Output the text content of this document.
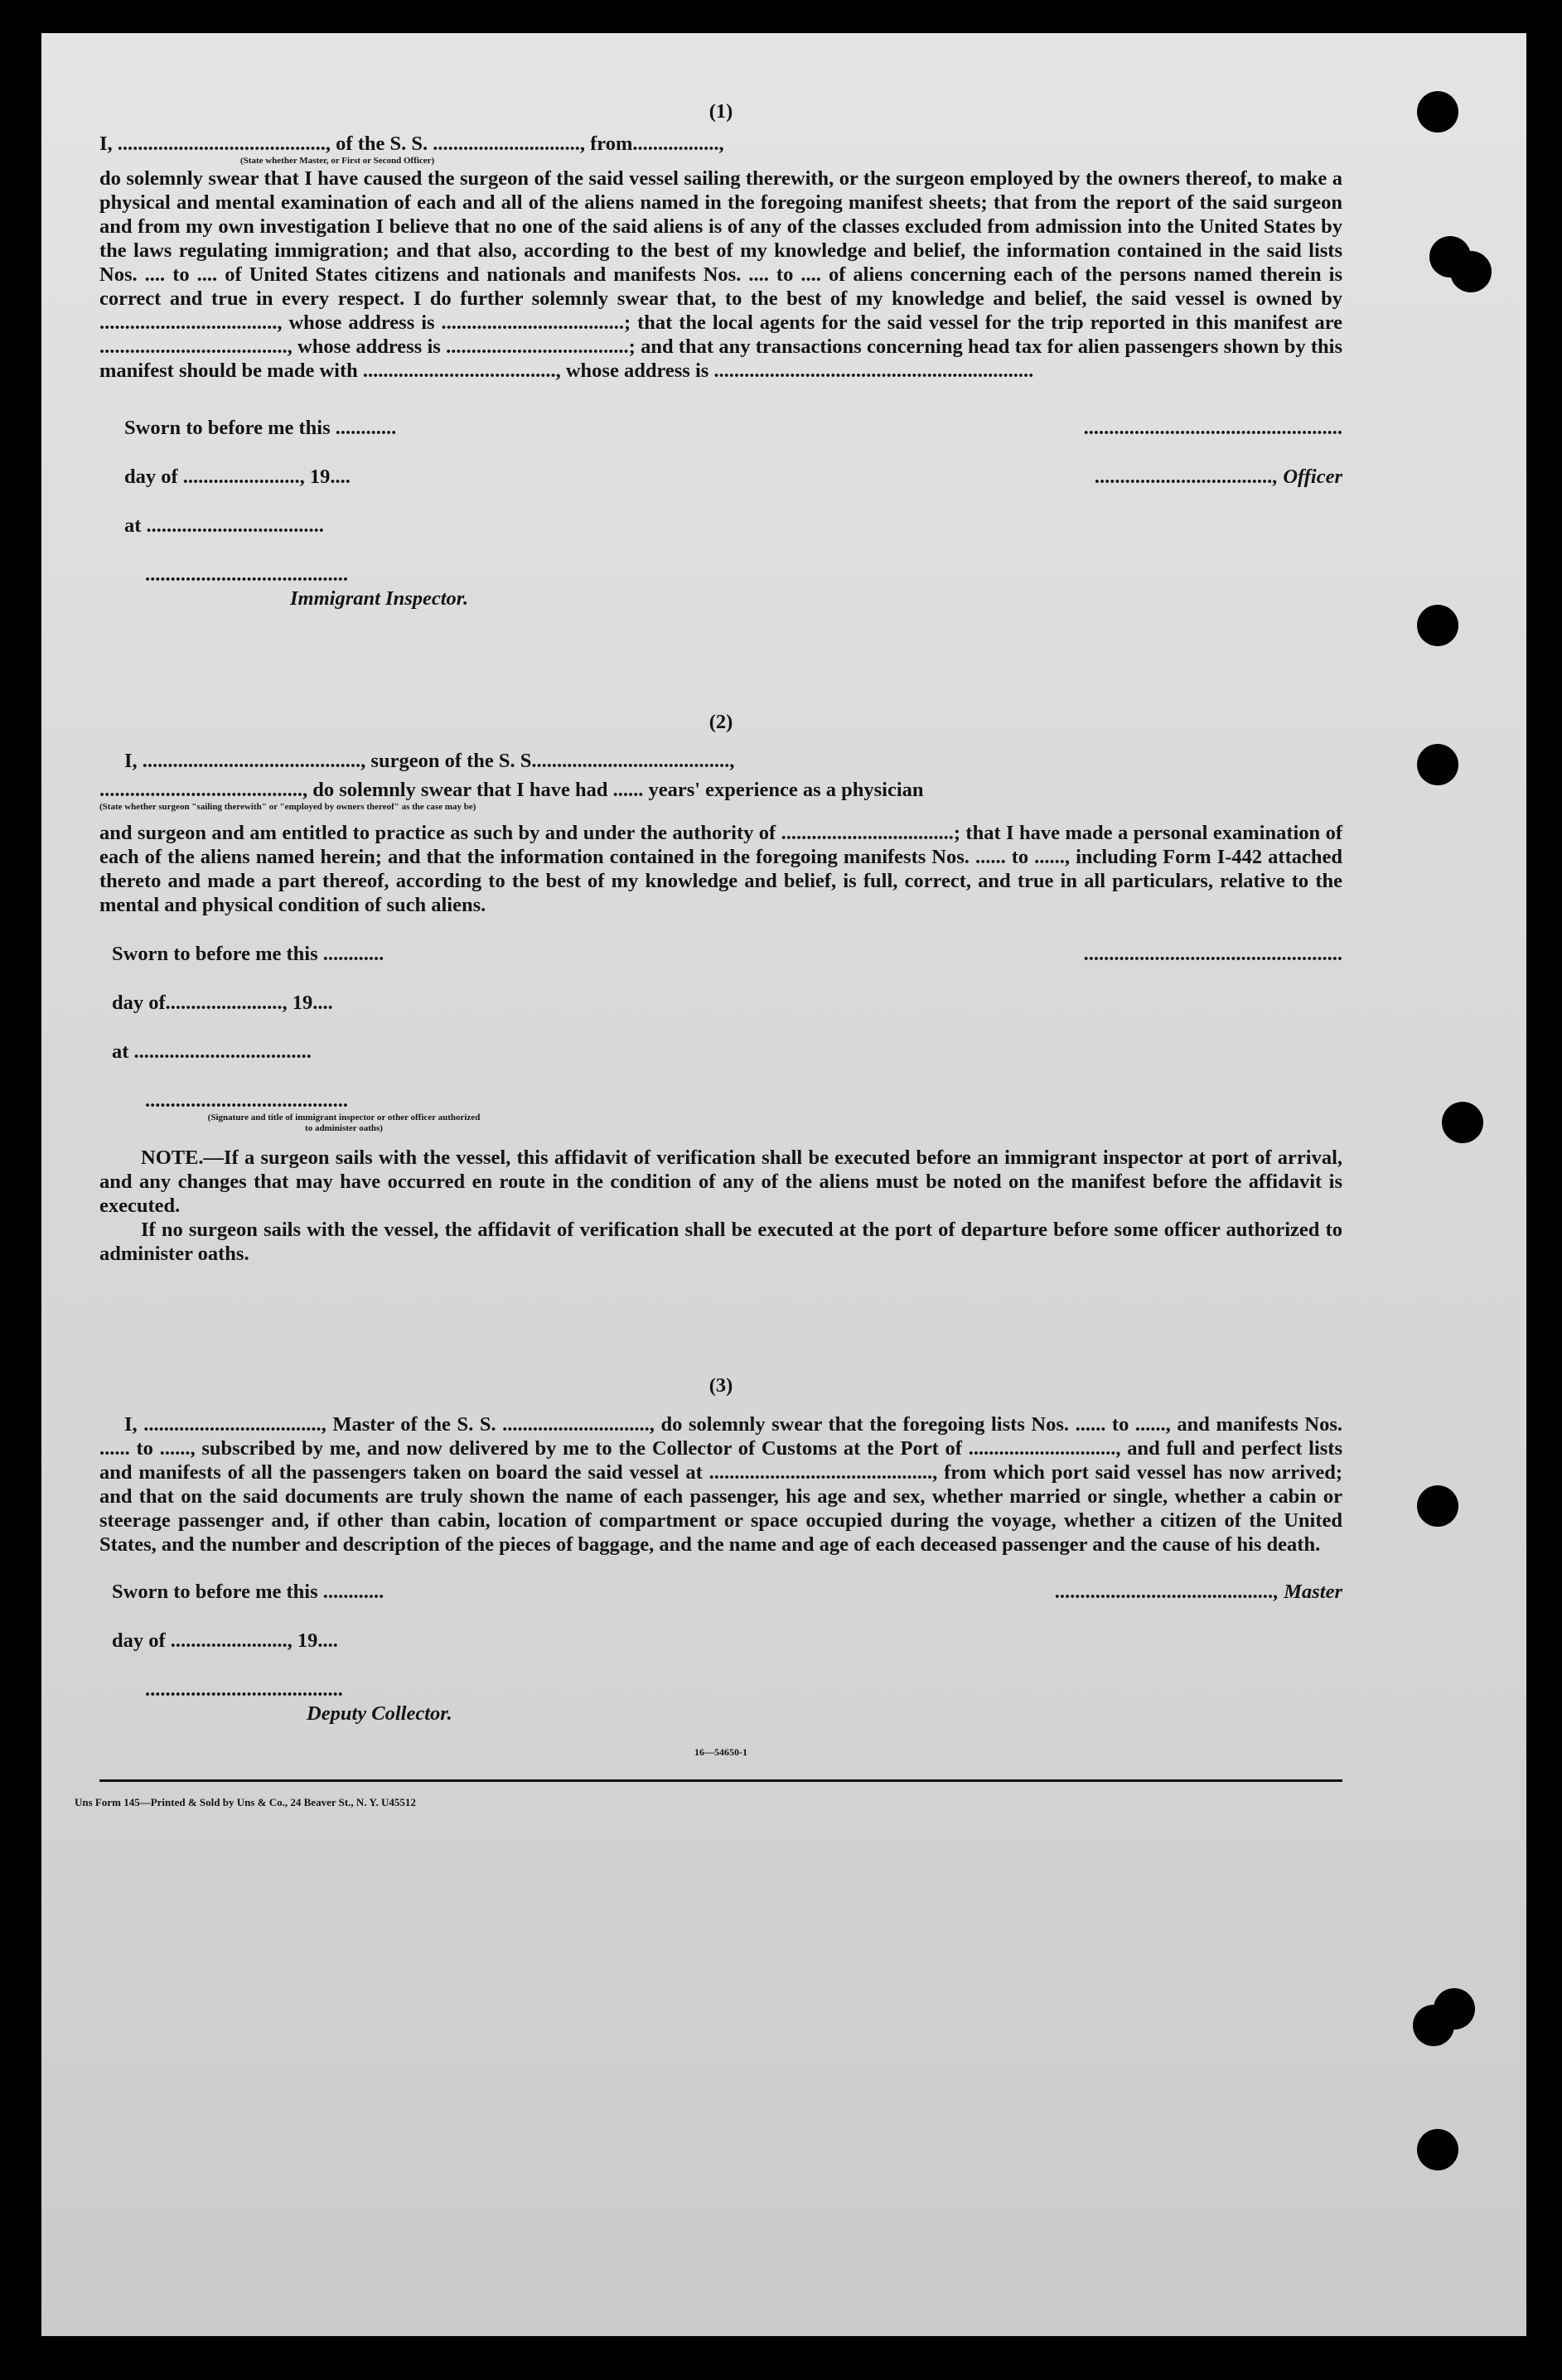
(1)
I, ........................................., of the S. S. ............................., from.................,
(State whether Master, or First or Second Officer)
do solemnly swear that I have caused the surgeon of the said vessel sailing therewith, or the surgeon employed by the owners thereof, to make a physical and mental examination of each and all of the aliens named in the foregoing manifest sheets; that from the report of the said surgeon and from my own investigation I believe that no one of the said aliens is of any of the classes excluded from admission into the United States by the laws regulating immigration; and that also, according to the best of my knowledge and belief, the information contained in the said lists Nos. .... to .... of United States citizens and nationals and manifests Nos. .... to .... of aliens concerning each of the persons named therein is correct and true in every respect. I do further solemnly swear that, to the best of my knowledge and belief, the said vessel is owned by ..................................., whose address is ....................................; that the local agents for the said vessel for the trip reported in this manifest are ....................................., whose address is ....................................; and that any transactions concerning head tax for alien passengers shown by this manifest should be made with ......................................, whose address is ...............................................................
Sworn to before me this ............	...................................................
day of ......................., 19....	..................................., Officer
at ...................................
........................................
Immigrant Inspector.
(2)
I, ..........................................., surgeon of the S. S.......................................,
........................................, do solemnly swear that I have had ...... years' experience as a physician
(State whether surgeon "sailing therewith" or "employed by owners thereof" as the case may be)
and surgeon and am entitled to practice as such by and under the authority of ..................................; that I have made a personal examination of each of the aliens named herein; and that the information contained in the foregoing manifests Nos. ...... to ......, including Form I-442 attached thereto and made a part thereof, according to the best of my knowledge and belief, is full, correct, and true in all particulars, relative to the mental and physical condition of such aliens.
Sworn to before me this ............	...................................................
day of......................., 19....
at ...................................
........................................
(Signature and title of immigrant inspector or other officer authorized to administer oaths)
NOTE.—If a surgeon sails with the vessel, this affidavit of verification shall be executed before an immigrant inspector at port of arrival, and any changes that may have occurred en route in the condition of any of the aliens must be noted on the manifest before the affidavit is executed.
If no surgeon sails with the vessel, the affidavit of verification shall be executed at the port of departure before some officer authorized to administer oaths.
(3)
I, ..................................., Master of the S. S. ............................., do solemnly swear that the foregoing lists Nos. ...... to ......, and manifests Nos. ...... to ......, subscribed by me, and now delivered by me to the Collector of Customs at the Port of ............................., and full and perfect lists and manifests of all the passengers taken on board the said vessel at ............................................, from which port said vessel has now arrived; and that on the said documents are truly shown the name of each passenger, his age and sex, whether married or single, whether a cabin or steerage passenger and, if other than cabin, location of compartment or space occupied during the voyage, whether a citizen of the United States, and the number and description of the pieces of baggage, and the name and age of each deceased passenger and the cause of his death.
Sworn to before me this ............	..........................................., Master
day of ......................., 19....
.......................................
Deputy Collector.
16—54650-1
Uns Form 145—Printed & Sold by Uns & Co., 24 Beaver St., N. Y. U45512
